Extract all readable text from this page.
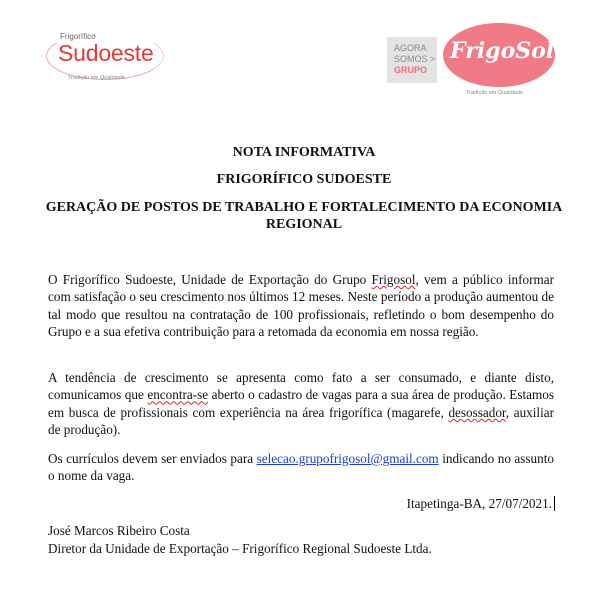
Frigorífico
Sudoeste
Tradição em Qualidade.
AGORA
SOMOS >
GRUPO
FrigoSol
Tradição em Qualidade.
NOTA INFORMATIVA
FRIGORÍFICO SUDOESTE
GERAÇÃO DE POSTOS DE TRABALHO E FORTALECIMENTO DA ECONOMIA REGIONAL

O Frigorífico Sudoeste, Unidade de Exportação do Grupo Frigosol, vem a público informar com satisfação o seu crescimento nos últimos 12 meses. Neste período a produção aumentou de tal modo que resultou na contratação de 100 profissionais, refletindo o bom desempenho do Grupo e a sua efetiva contribuição para a retomada da economia em nossa região.

A tendência de crescimento se apresenta como fato a ser consumado, e diante disto, comunicamos que encontra-se aberto o cadastro de vagas para a sua área de produção. Estamos em busca de profissionais com experiência na área frigorífica (magarefe, desossador, auxiliar de produção).

Os currículos devem ser enviados para selecao.grupofrigosol@gmail.com indicando no assunto o nome da vaga.

Itapetinga-BA, 27/07/2021.
José Marcos Ribeiro Costa
Diretor da Unidade de Exportação – Frigorífico Regional Sudoeste Ltda.
